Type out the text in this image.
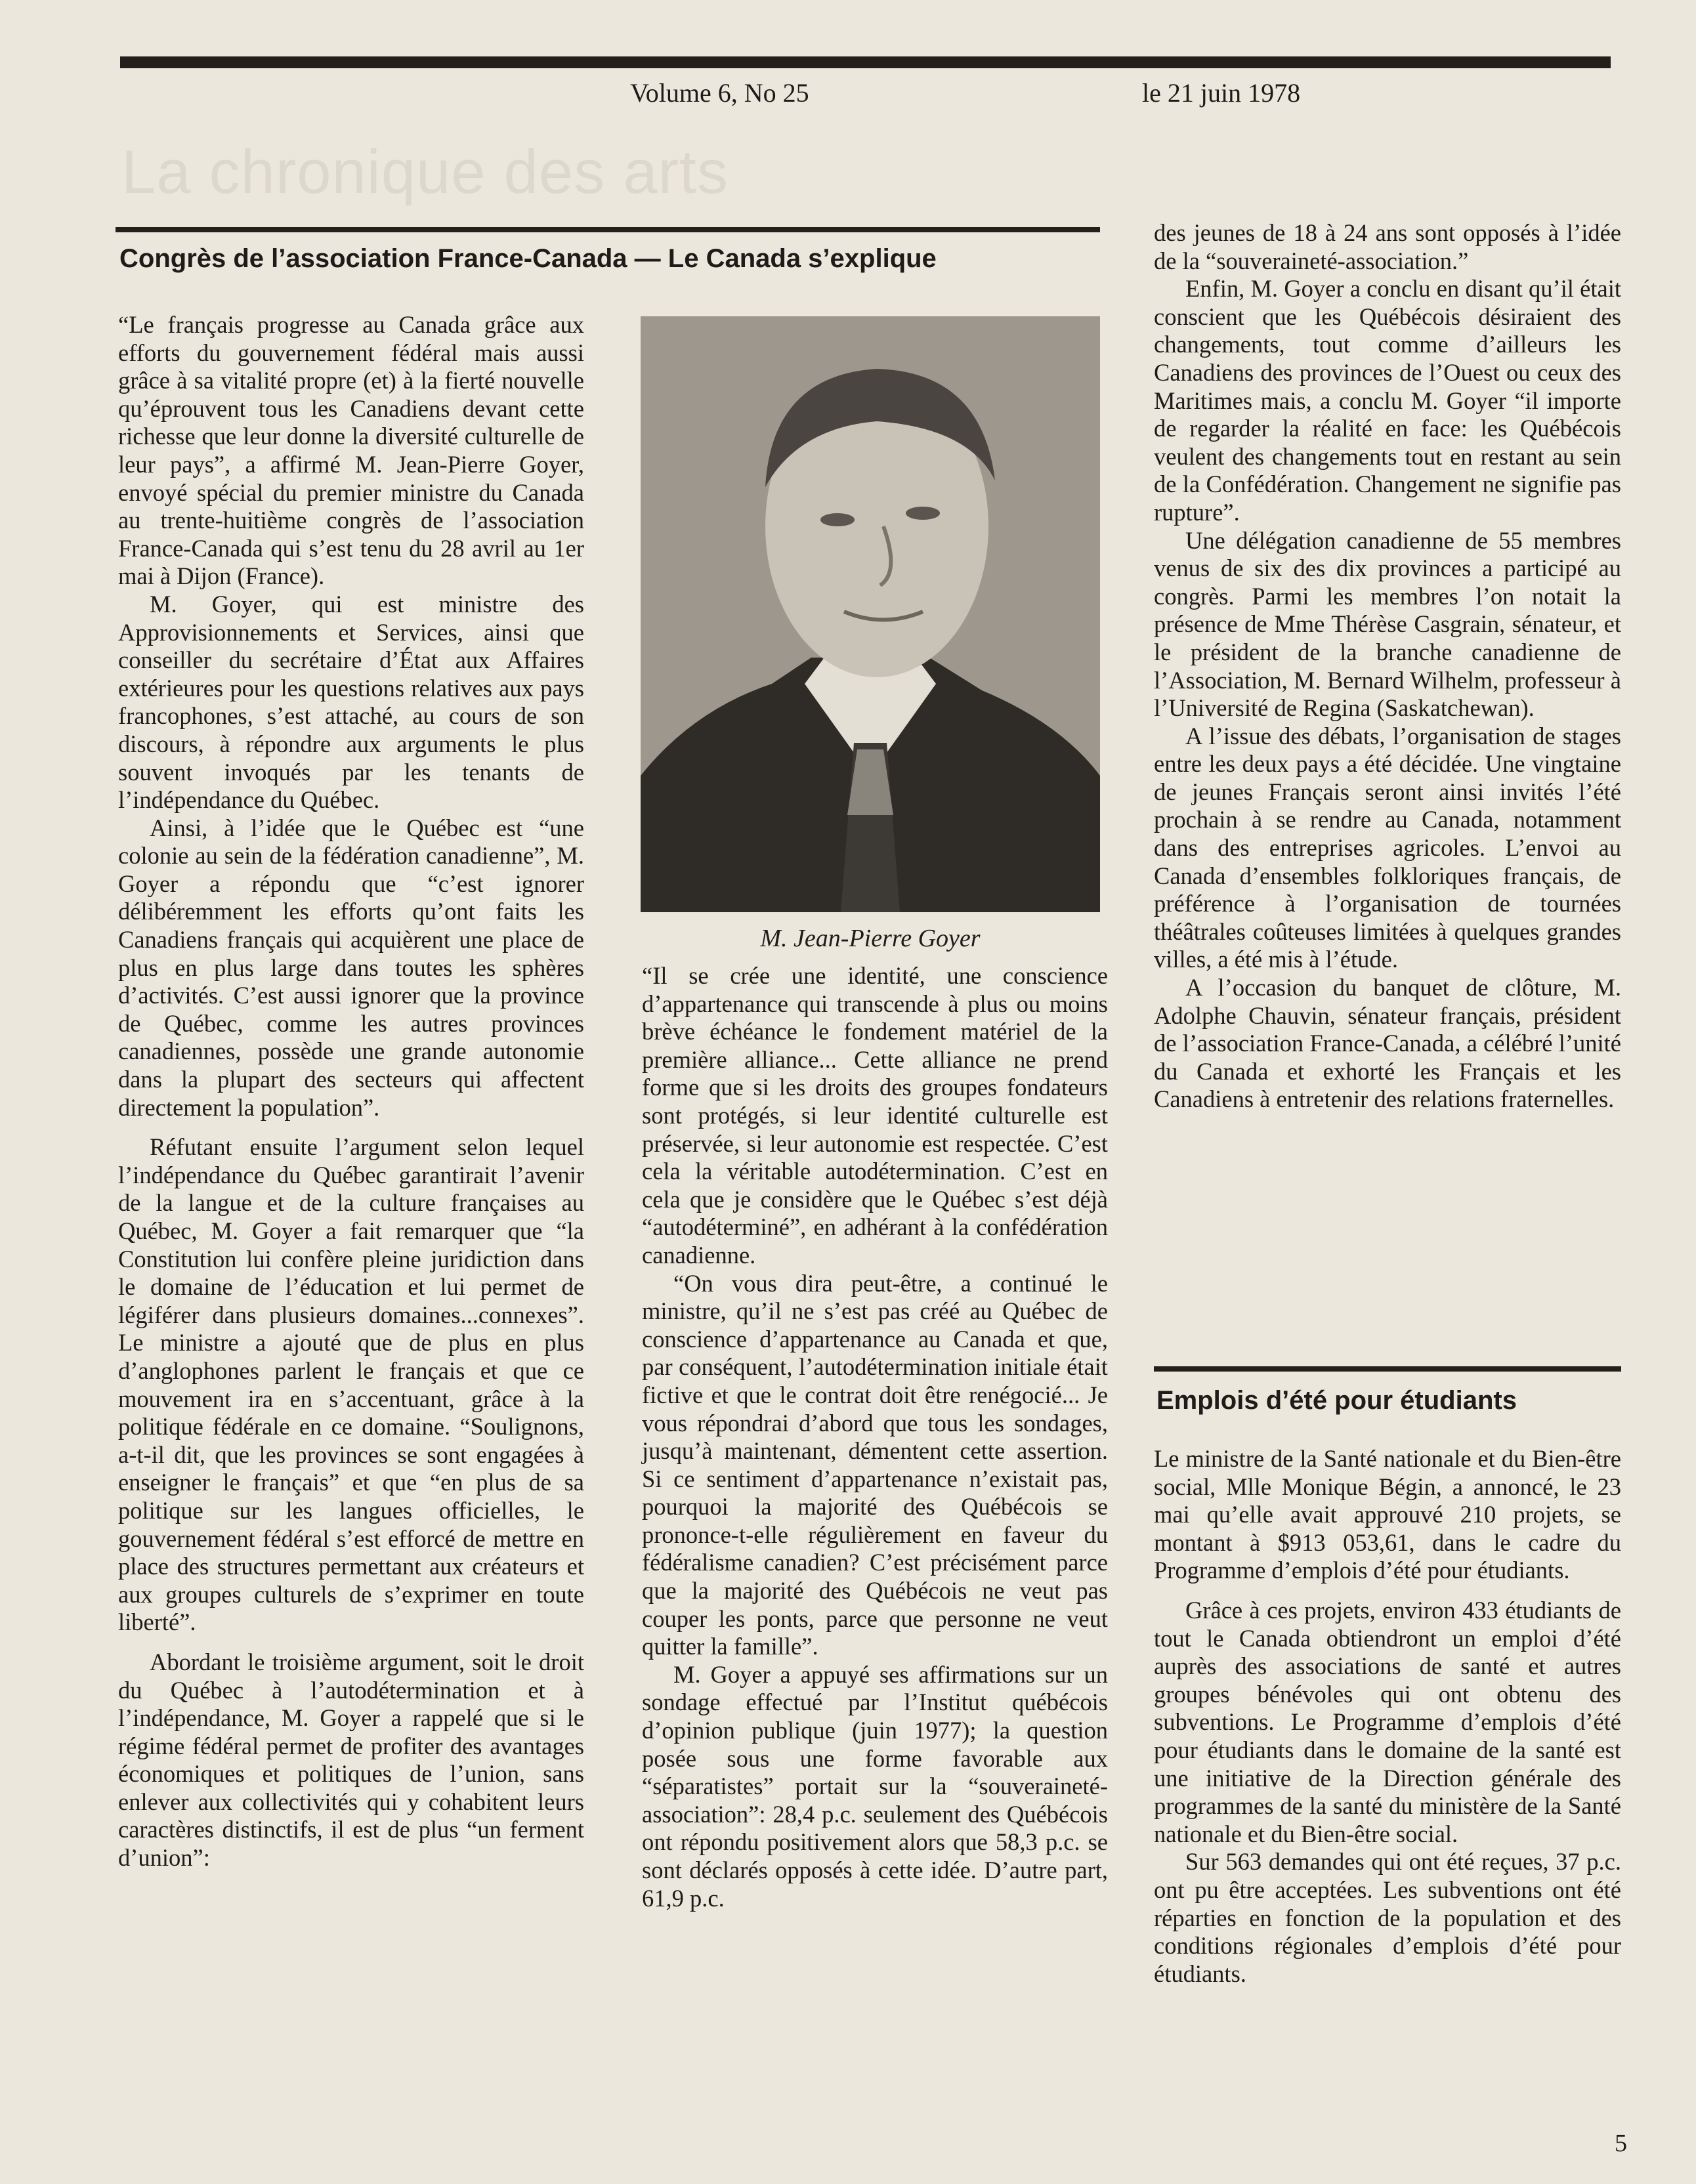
Volume 6, No 25	le 21 juin 1978
La chronique des arts
Congrès de l’association France-Canada — Le Canada s’explique

“Le français progresse au Canada grâce aux efforts du gouvernement fédéral mais aussi grâce à sa vitalité propre (et) à la fierté nouvelle qu’éprouvent tous les Canadiens devant cette richesse que leur donne la diversité culturelle de leur pays”, a affirmé M. Jean-Pierre Goyer, envoyé spécial du premier ministre du Canada au trente-huitième congrès de l’association France-Canada qui s’est tenu du 28 avril au 1er mai à Dijon (France).

M. Goyer, qui est ministre des Approvisionnements et Services, ainsi que conseiller du secrétaire d’État aux Affaires extérieures pour les questions relatives aux pays francophones, s’est attaché, au cours de son discours, à répondre aux arguments le plus souvent invoqués par les tenants de l’indépendance du Québec.

Ainsi, à l’idée que le Québec est “une colonie au sein de la fédération canadienne”, M. Goyer a répondu que “c’est ignorer délibéremment les efforts qu’ont faits les Canadiens français qui acquièrent une place de plus en plus large dans toutes les sphères d’activités. C’est aussi ignorer que la province de Québec, comme les autres provinces canadiennes, possède une grande autonomie dans la plupart des secteurs qui affectent directement la population”.

Réfutant ensuite l’argument selon lequel l’indépendance du Québec garantirait l’avenir de la langue et de la culture françaises au Québec, M. Goyer a fait remarquer que “la Constitution lui confère pleine juridiction dans le domaine de l’éducation et lui permet de légiférer dans plusieurs domaines...connexes”. Le ministre a ajouté que de plus en plus d’anglophones parlent le français et que ce mouvement ira en s’accentuant, grâce à la politique fédérale en ce domaine. “Soulignons, a-t-il dit, que les provinces se sont engagées à enseigner le français” et que “en plus de sa politique sur les langues officielles, le gouvernement fédéral s’est efforcé de mettre en place des structures permettant aux créateurs et aux groupes culturels de s’exprimer en toute liberté”.

Abordant le troisième argument, soit le droit du Québec à l’autodétermination et à l’indépendance, M. Goyer a rappelé que si le régime fédéral permet de profiter des avantages économiques et politiques de l’union, sans enlever aux collectivités qui y cohabitent leurs caractères distinctifs, il est de plus “un ferment d’union”:

M. Jean-Pierre Goyer

“Il se crée une identité, une conscience d’appartenance qui transcende à plus ou moins brève échéance le fondement matériel de la première alliance... Cette alliance ne prend forme que si les droits des groupes fondateurs sont protégés, si leur identité culturelle est préservée, si leur autonomie est respectée. C’est cela la véritable autodétermination. C’est en cela que je considère que le Québec s’est déjà “autodéterminé”, en adhérant à la confédération canadienne.

“On vous dira peut-être, a continué le ministre, qu’il ne s’est pas créé au Québec de conscience d’appartenance au Canada et que, par conséquent, l’autodétermination initiale était fictive et que le contrat doit être renégocié... Je vous répondrai d’abord que tous les sondages, jusqu’à maintenant, démentent cette assertion. Si ce sentiment d’appartenance n’existait pas, pourquoi la majorité des Québécois se prononce-t-elle régulièrement en faveur du fédéralisme canadien? C’est précisément parce que la majorité des Québécois ne veut pas couper les ponts, parce que personne ne veut quitter la famille”.

M. Goyer a appuyé ses affirmations sur un sondage effectué par l’Institut québécois d’opinion publique (juin 1977); la question posée sous une forme favorable aux “séparatistes” portait sur la “souveraineté-association”: 28,4 p.c. seulement des Québécois ont répondu positivement alors que 58,3 p.c. se sont déclarés opposés à cette idée. D’autre part, 61,9 p.c.

des jeunes de 18 à 24 ans sont opposés à l’idée de la “souveraineté-association.”

Enfin, M. Goyer a conclu en disant qu’il était conscient que les Québécois désiraient des changements, tout comme d’ailleurs les Canadiens des provinces de l’Ouest ou ceux des Maritimes mais, a conclu M. Goyer “il importe de regarder la réalité en face: les Québécois veulent des changements tout en restant au sein de la Confédération. Changement ne signifie pas rupture”.

Une délégation canadienne de 55 membres venus de six des dix provinces a participé au congrès. Parmi les membres l’on notait la présence de Mme Thérèse Casgrain, sénateur, et le président de la branche canadienne de l’Association, M. Bernard Wilhelm, professeur à l’Université de Regina (Saskatchewan).

A l’issue des débats, l’organisation de stages entre les deux pays a été décidée. Une vingtaine de jeunes Français seront ainsi invités l’été prochain à se rendre au Canada, notamment dans des entreprises agricoles. L’envoi au Canada d’ensembles folkloriques français, de préférence à l’organisation de tournées théâtrales coûteuses limitées à quelques grandes villes, a été mis à l’étude.

A l’occasion du banquet de clôture, M. Adolphe Chauvin, sénateur français, président de l’association France-Canada, a célébré l’unité du Canada et exhorté les Français et les Canadiens à entretenir des relations fraternelles.

Emplois d’été pour étudiants

Le ministre de la Santé nationale et du Bien-être social, Mlle Monique Bégin, a annoncé, le 23 mai qu’elle avait approuvé 210 projets, se montant à $913 053,61, dans le cadre du Programme d’emplois d’été pour étudiants.

Grâce à ces projets, environ 433 étudiants de tout le Canada obtiendront un emploi d’été auprès des associations de santé et autres groupes bénévoles qui ont obtenu des subventions. Le Programme d’emplois d’été pour étudiants dans le domaine de la santé est une initiative de la Direction générale des programmes de la santé du ministère de la Santé nationale et du Bien-être social.

Sur 563 demandes qui ont été reçues, 37 p.c. ont pu être acceptées. Les subventions ont été réparties en fonction de la population et des conditions régionales d’emplois d’été pour étudiants.

5
